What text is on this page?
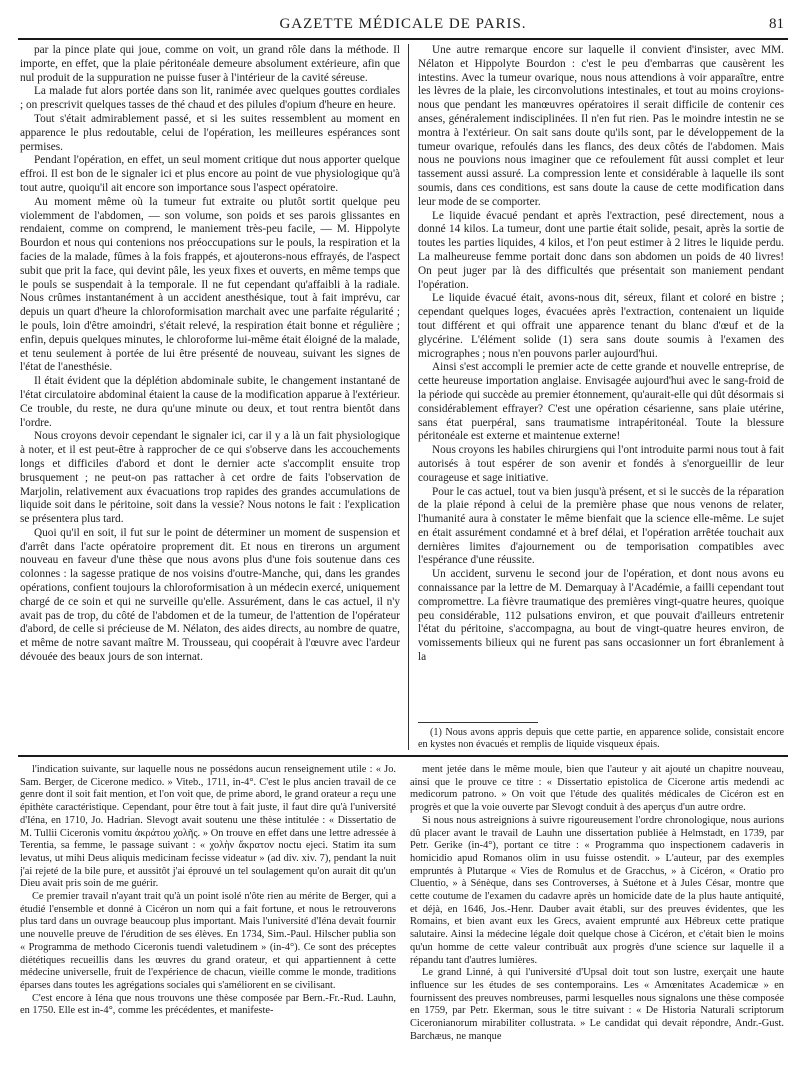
GAZETTE MÉDICALE DE PARIS.	81

par la pince plate qui joue, comme on voit, un grand rôle dans la méthode. Il importe, en effet, que la plaie péritonéale demeure absolument extérieure, afin que nul produit de la suppuration ne puisse fuser à l'intérieur de la cavité séreuse.

La malade fut alors portée dans son lit, ranimée avec quelques gouttes cordiales ; on prescrivit quelques tasses de thé chaud et des pilules d'opium d'heure en heure.

Tout s'était admirablement passé, et si les suites ressemblent au moment en apparence le plus redoutable, celui de l'opération, les meilleures espérances sont permises.

Pendant l'opération, en effet, un seul moment critique dut nous apporter quelque effroi. Il est bon de le signaler ici et plus encore au point de vue physiologique qu'à tout autre, quoiqu'il ait encore son importance sous l'aspect opératoire.

Au moment même où la tumeur fut extraite ou plutôt sortit quelque peu violemment de l'abdomen, — son volume, son poids et ses parois glissantes en rendaient, comme on comprend, le maniement très-peu facile, — M. Hippolyte Bourdon et nous qui contenions nos préoccupations sur le pouls, la respiration et la facies de la malade, fûmes à la fois frappés, et ajouterons-nous effrayés, de l'aspect subit que prit la face, qui devint pâle, les yeux fixes et ouverts, en même temps que le pouls se suspendait à la temporale. Il ne fut cependant qu'affaibli à la radiale. Nous crûmes instantanément à un accident anesthésique, tout à fait imprévu, car depuis un quart d'heure la chloroformisation marchait avec une parfaite régularité ; le pouls, loin d'être amoindri, s'était relevé, la respiration était bonne et régulière ; enfin, depuis quelques minutes, le chloroforme lui-même était éloigné de la malade, et tenu seulement à portée de lui être présenté de nouveau, suivant les signes de l'état de l'anesthésie.

Il était évident que la déplétion abdominale subite, le changement instantané de l'état circulatoire abdominal étaient la cause de la modification apparue à l'extérieur. Ce trouble, du reste, ne dura qu'une minute ou deux, et tout rentra bientôt dans l'ordre.

Nous croyons devoir cependant le signaler ici, car il y a là un fait physiologique à noter, et il est peut-être à rapprocher de ce qui s'observe dans les accouchements longs et difficiles d'abord et dont le dernier acte s'accomplit ensuite trop brusquement ; ne peut-on pas rattacher à cet ordre de faits l'observation de Marjolin, relativement aux évacuations trop rapides des grandes accumulations de liquide soit dans le péritoine, soit dans la vessie? Nous notons le fait : l'explication se présentera plus tard.

Quoi qu'il en soit, il fut sur le point de déterminer un moment de suspension et d'arrêt dans l'acte opératoire proprement dit. Et nous en tirerons un argument nouveau en faveur d'une thèse que nous avons plus d'une fois soutenue dans ces colonnes : la sagesse pratique de nos voisins d'outre-Manche, qui, dans les grandes opérations, confient toujours la chloroformisation à un médecin exercé, uniquement chargé de ce soin et qui ne surveille qu'elle. Assurément, dans le cas actuel, il n'y avait pas de trop, du côté de l'abdomen et de la tumeur, de l'attention de l'opérateur d'abord, de celle si précieuse de M. Nélaton, des aides directs, au nombre de quatre, et même de notre savant maître M. Trousseau, qui coopérait à l'œuvre avec l'ardeur dévouée des beaux jours de son internat.

Une autre remarque encore sur laquelle il convient d'insister, avec MM. Nélaton et Hippolyte Bourdon : c'est le peu d'embarras que causèrent les intestins. Avec la tumeur ovarique, nous nous attendions à voir apparaître, entre les lèvres de la plaie, les circonvolutions intestinales, et tout au moins croyions-nous que pendant les manœuvres opératoires il serait difficile de contenir ces anses, généralement indisciplinées. Il n'en fut rien. Pas le moindre intestin ne se montra à l'extérieur. On sait sans doute qu'ils sont, par le développement de la tumeur ovarique, refoulés dans les flancs, des deux côtés de l'abdomen. Mais nous ne pouvions nous imaginer que ce refoulement fût aussi complet et leur tassement aussi assuré. La compression lente et considérable à laquelle ils sont soumis, dans ces conditions, est sans doute la cause de cette modification dans leur mode de se comporter.

Le liquide évacué pendant et après l'extraction, pesé directement, nous a donné 14 kilos. La tumeur, dont une partie était solide, pesait, après la sortie de toutes les parties liquides, 4 kilos, et l'on peut estimer à 2 litres le liquide perdu. La malheureuse femme portait donc dans son abdomen un poids de 40 livres! On peut juger par là des difficultés que présentait son maniement pendant l'opération.

Le liquide évacué était, avons-nous dit, séreux, filant et coloré en bistre ; cependant quelques loges, évacuées après l'extraction, contenaient un liquide tout différent et qui offrait une apparence tenant du blanc d'œuf et de la glycérine. L'élément solide (1) sera sans doute soumis à l'examen des micrographes ; nous n'en pouvons parler aujourd'hui.

Ainsi s'est accompli le premier acte de cette grande et nouvelle entreprise, de cette heureuse importation anglaise. Envisagée aujourd'hui avec le sang-froid de la période qui succède au premier étonnement, qu'aurait-elle qui dût désormais si considérablement effrayer? C'est une opération césarienne, sans plaie utérine, sans état puerpéral, sans traumatisme intrapéritonéal. Toute la blessure péritonéale est externe et maintenue externe!

Nous croyons les habiles chirurgiens qui l'ont introduite parmi nous tout à fait autorisés à tout espérer de son avenir et fondés à s'enorgueillir de leur courageuse et sage initiative.

Pour le cas actuel, tout va bien jusqu'à présent, et si le succès de la réparation de la plaie répond à celui de la première phase que nous venons de relater, l'humanité aura à constater le même bienfait que la science elle-même. Le sujet en était assurément condamné et à bref délai, et l'opération arrêtée touchait aux dernières limites d'ajournement ou de temporisation compatibles avec l'espérance d'une réussite.

Un accident, survenu le second jour de l'opération, et dont nous avons eu connaissance par la lettre de M. Demarquay à l'Académie, a failli cependant tout compromettre. La fièvre traumatique des premières vingt-quatre heures, quoique peu considérable, 112 pulsations environ, et que pouvait d'ailleurs entretenir l'état du péritoine, s'accompagna, au bout de vingt-quatre heures environ, de vomissements bilieux qui ne furent pas sans occasionner un fort ébranlement à la

(1) Nous avons appris depuis que cette partie, en apparence solide, consistait encore en kystes non évacués et remplis de liquide visqueux épais.

l'indication suivante, sur laquelle nous ne possédons aucun renseignement utile : « Jo. Sam. Berger, de Cicerone medico. » Viteb., 1711, in-4°. C'est le plus ancien travail de ce genre dont il soit fait mention, et l'on voit que, de prime abord, le grand orateur a reçu une épithète caractéristique. Cependant, pour être tout à fait juste, il faut dire qu'à l'université d'Iéna, en 1710, Jo. Hadrian. Slevogt avait soutenu une thèse intitulée : « Dissertatio de M. Tullii Ciceronis vomitu ἀκράτου χολῆς. » On trouve en effet dans une lettre adressée à Terentia, sa femme, le passage suivant : « χολὴν ἄκρατον noctu ejeci. Statim ita sum levatus, ut mihi Deus aliquis medicinam fecisse videatur » (ad div. xiv. 7), pendant la nuit j'ai rejeté de la bile pure, et aussitôt j'ai éprouvé un tel soulagement qu'on aurait dit qu'un Dieu avait pris soin de me guérir.

Ce premier travail n'ayant trait qu'à un point isolé n'ôte rien au mérite de Berger, qui a étudié l'ensemble et donné à Cicéron un nom qui a fait fortune, et nous le retrouverons plus tard dans un ouvrage beaucoup plus important. Mais l'université d'Iéna devait fournir une nouvelle preuve de l'érudition de ses élèves. En 1734, Sim.-Paul. Hilscher publia son « Programma de methodo Ciceronis tuendi valetudinem » (in-4°). Ce sont des préceptes diététiques recueillis dans les œuvres du grand orateur, et qui appartiennent à cette médecine universelle, fruit de l'expérience de chacun, vieille comme le monde, traditions éparses dans toutes les agrégations sociales qui s'améliorent en se civilisant.

C'est encore à Iéna que nous trouvons une thèse composée par Bern.-Fr.-Rud. Lauhn, en 1750. Elle est in-4°, comme les précédentes, et manifeste-

ment jetée dans le même moule, bien que l'auteur y ait ajouté un chapitre nouveau, ainsi que le prouve ce titre : « Dissertatio epistolica de Cicerone artis medendi ac medicorum patrono. » On voit que l'étude des qualités médicales de Cicéron est en progrès et que la voie ouverte par Slevogt conduit à des aperçus d'un autre ordre.

Si nous nous astreignions à suivre rigoureusement l'ordre chronologique, nous aurions dû placer avant le travail de Lauhn une dissertation publiée à Helmstadt, en 1739, par Petr. Gerike (in-4°), portant ce titre : « Programma quo inspectionem cadaveris in homicidio apud Romanos olim in usu fuisse ostendit. » L'auteur, par des exemples empruntés à Plutarque « Vies de Romulus et de Gracchus, » à Cicéron, « Oratio pro Cluentio, » à Sénèque, dans ses Controverses, à Suétone et à Jules César, montre que cette coutume de l'examen du cadavre après un homicide date de la plus haute antiquité, et déjà, en 1646, Jos.-Henr. Dauber avait établi, sur des preuves évidentes, que les Romains, et bien avant eux les Grecs, avaient emprunté aux Hébreux cette pratique salutaire. Ainsi la médecine légale doit quelque chose à Cicéron, et c'était bien le moins qu'un homme de cette valeur contribuât aux progrès d'une science sur laquelle il a répandu tant d'autres lumières.

Le grand Linné, à qui l'université d'Upsal doit tout son lustre, exerçait une haute influence sur les études de ses contemporains. Les « Amœnitates Academicæ » en fournissent des preuves nombreuses, parmi lesquelles nous signalons une thèse composée en 1759, par Petr. Ekerman, sous le titre suivant : « De Historia Naturali scriptorum Ciceronianorum mirabiliter collustrata. » Le candidat qui devait répondre, Andr.-Gust. Barchæus, ne manque
